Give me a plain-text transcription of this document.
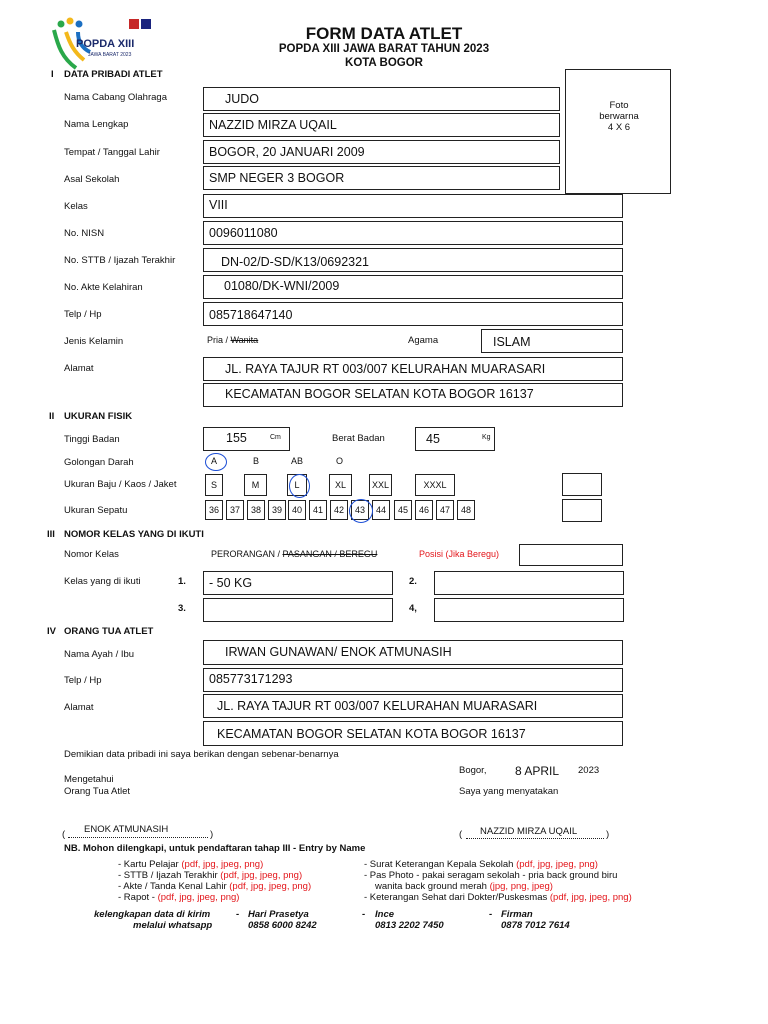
POPDA XIII
JAWA BARAT 2023
FORM DATA ATLET
POPDA XIII JAWA BARAT TAHUN 2023
KOTA BOGOR
Foto
berwarna
4 X 6
I DATA PRIBADI ATLET
Nama Cabang Olahraga	JUDO
Nama Lengkap	NAZZID MIRZA UQAIL
Tempat / Tanggal Lahir	BOGOR, 20 JANUARI 2009
Asal Sekolah	SMP NEGER 3 BOGOR
Kelas	VIII
No. NISN	0096011080
No. STTB / Ijazah Terakhir	DN-02/D-SD/K13/0692321
No. Akte Kelahiran	01080/DK-WNI/2009
Telp / Hp	085718647140
Jenis Kelamin	Pria / Wanita	Agama	ISLAM
Alamat	JL. RAYA TAJUR RT 003/007 KELURAHAN MUARASARI
KECAMATAN BOGOR SELATAN KOTA BOGOR 16137
II UKURAN FISIK
Tinggi Badan	155	Cm	Berat Badan	45	Kg
Golongan Darah	A	B	AB	O
Ukuran Baju / Kaos / Jaket	S	M	L	XL	XXL	XXXL
Ukuran Sepatu	36	37	38	39	40	41	42	43	44	45	46	47	48
III NOMOR KELAS YANG DI IKUTI
Nomor Kelas	PERORANGAN / PASANGAN / BEREGU	Posisi (Jika Beregu)
Kelas yang di ikuti	1. - 50 KG	2.
3.	4,
IV ORANG TUA ATLET
Nama Ayah / Ibu	IRWAN GUNAWAN/ ENOK ATMUNASIH
Telp / Hp	085773171293
Alamat	JL. RAYA TAJUR RT 003/007 KELURAHAN MUARASARI
KECAMATAN BOGOR SELATAN KOTA BOGOR 16137
Demikian data pribadi ini saya berikan dengan sebenar-benarnya
Mengetahui
Orang Tua Atlet
Bogor, 8 APRIL 2023
Saya yang menyatakan
( ENOK ATMUNASIH	)	( NAZZID MIRZA UQAIL	)
NB. Mohon dilengkapi, untuk pendaftaran tahap III - Entry by Name
- Kartu Pelajar (pdf, jpg, jpeg, png)
- STTB / Ijazah Terakhir (pdf, jpg, jpeg, png)
- Akte / Tanda Kenal Lahir (pdf, jpg, jpeg, png)
- Rapot - (pdf, jpg, jpeg, png)
- Surat Keterangan Kepala Sekolah (pdf, jpg, jpeg, png)
- Pas Photo - pakai seragam sekolah - pria back ground biru
wanita back ground merah (jpg, png, jpeg)
- Keterangan Sehat dari Dokter/Puskesmas (pdf, jpg, jpeg, png)
kelengkapan data di kirim
melalui whatsapp
- Hari Prasetya
0858 6000 8242
- Ince
0813 2202 7450
- Firman
0878 7012 7614
